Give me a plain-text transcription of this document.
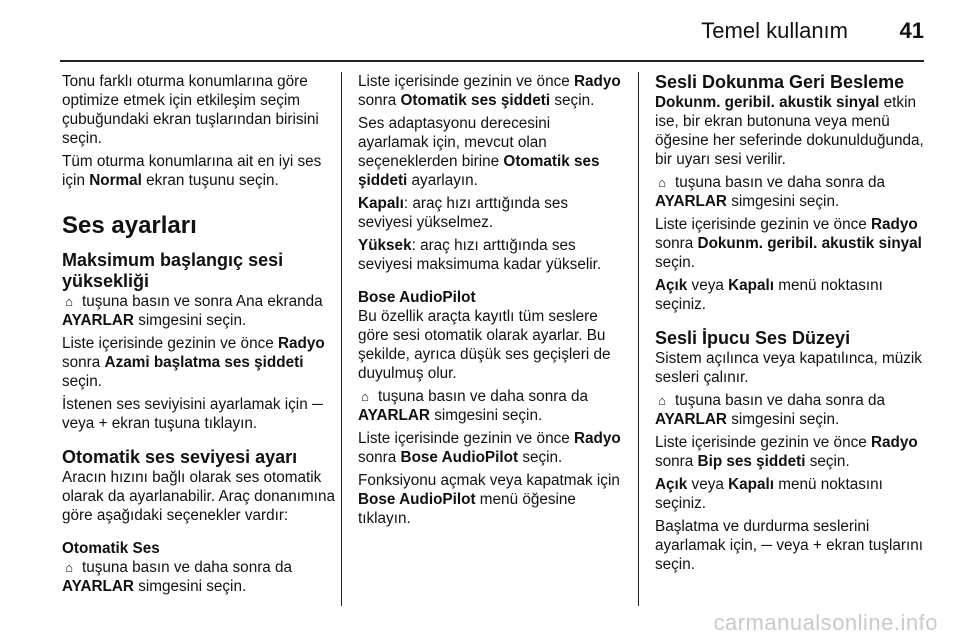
Temel kullanım 41

Tonu farklı oturma konumlarına göre optimize etmek için etkileşim seçim çubuğundaki ekran tuşlarından birisini seçin.

Tüm oturma konumlarına ait en iyi ses için Normal ekran tuşunu seçin.

Ses ayarları
Maksimum başlangıç sesi yüksekliği

⌂ tuşuna basın ve sonra Ana ekranda AYARLAR simgesini seçin.

Liste içerisinde gezinin ve önce Radyo sonra Azami başlatma ses şiddeti seçin.

İstenen ses seviyisini ayarlamak için ─ veya + ekran tuşuna tıklayın.

Otomatik ses seviyesi ayarı

Aracın hızını bağlı olarak ses otomatik olarak da ayarlanabilir. Araç donanımına göre aşağıdaki seçenekler vardır:

Otomatik Ses

⌂ tuşuna basın ve daha sonra da AYARLAR simgesini seçin.

Liste içerisinde gezinin ve önce Radyo sonra Otomatik ses şiddeti seçin.

Ses adaptasyonu derecesini ayarlamak için, mevcut olan seçeneklerden birine Otomatik ses şiddeti ayarlayın.

Kapalı: araç hızı arttığında ses seviyesi yükselmez.

Yüksek: araç hızı arttığında ses seviyesi maksimuma kadar yükselir.

Bose AudioPilot

Bu özellik araçta kayıtlı tüm seslere göre sesi otomatik olarak ayarlar. Bu şekilde, ayrıca düşük ses geçişleri de duyulmuş olur.

⌂ tuşuna basın ve daha sonra da AYARLAR simgesini seçin.

Liste içerisinde gezinin ve önce Radyo sonra Bose AudioPilot seçin.

Fonksiyonu açmak veya kapatmak için Bose AudioPilot menü öğesine tıklayın.

Sesli Dokunma Geri Besleme

Dokunm. geribil. akustik sinyal etkin ise, bir ekran butonuna veya menü öğesine her seferinde dokunulduğunda, bir uyarı sesi verilir.

⌂ tuşuna basın ve daha sonra da AYARLAR simgesini seçin.

Liste içerisinde gezinin ve önce Radyo sonra Dokunm. geribil. akustik sinyal seçin.

Açık veya Kapalı menü noktasını seçiniz.

Sesli İpucu Ses Düzeyi

Sistem açılınca veya kapatılınca, müzik sesleri çalınır.

⌂ tuşuna basın ve daha sonra da AYARLAR simgesini seçin.

Liste içerisinde gezinin ve önce Radyo sonra Bip ses şiddeti seçin.

Açık veya Kapalı menü noktasını seçiniz.

Başlatma ve durdurma seslerini ayarlamak için, ─ veya + ekran tuşlarını seçin.

carmanualsonline.info
